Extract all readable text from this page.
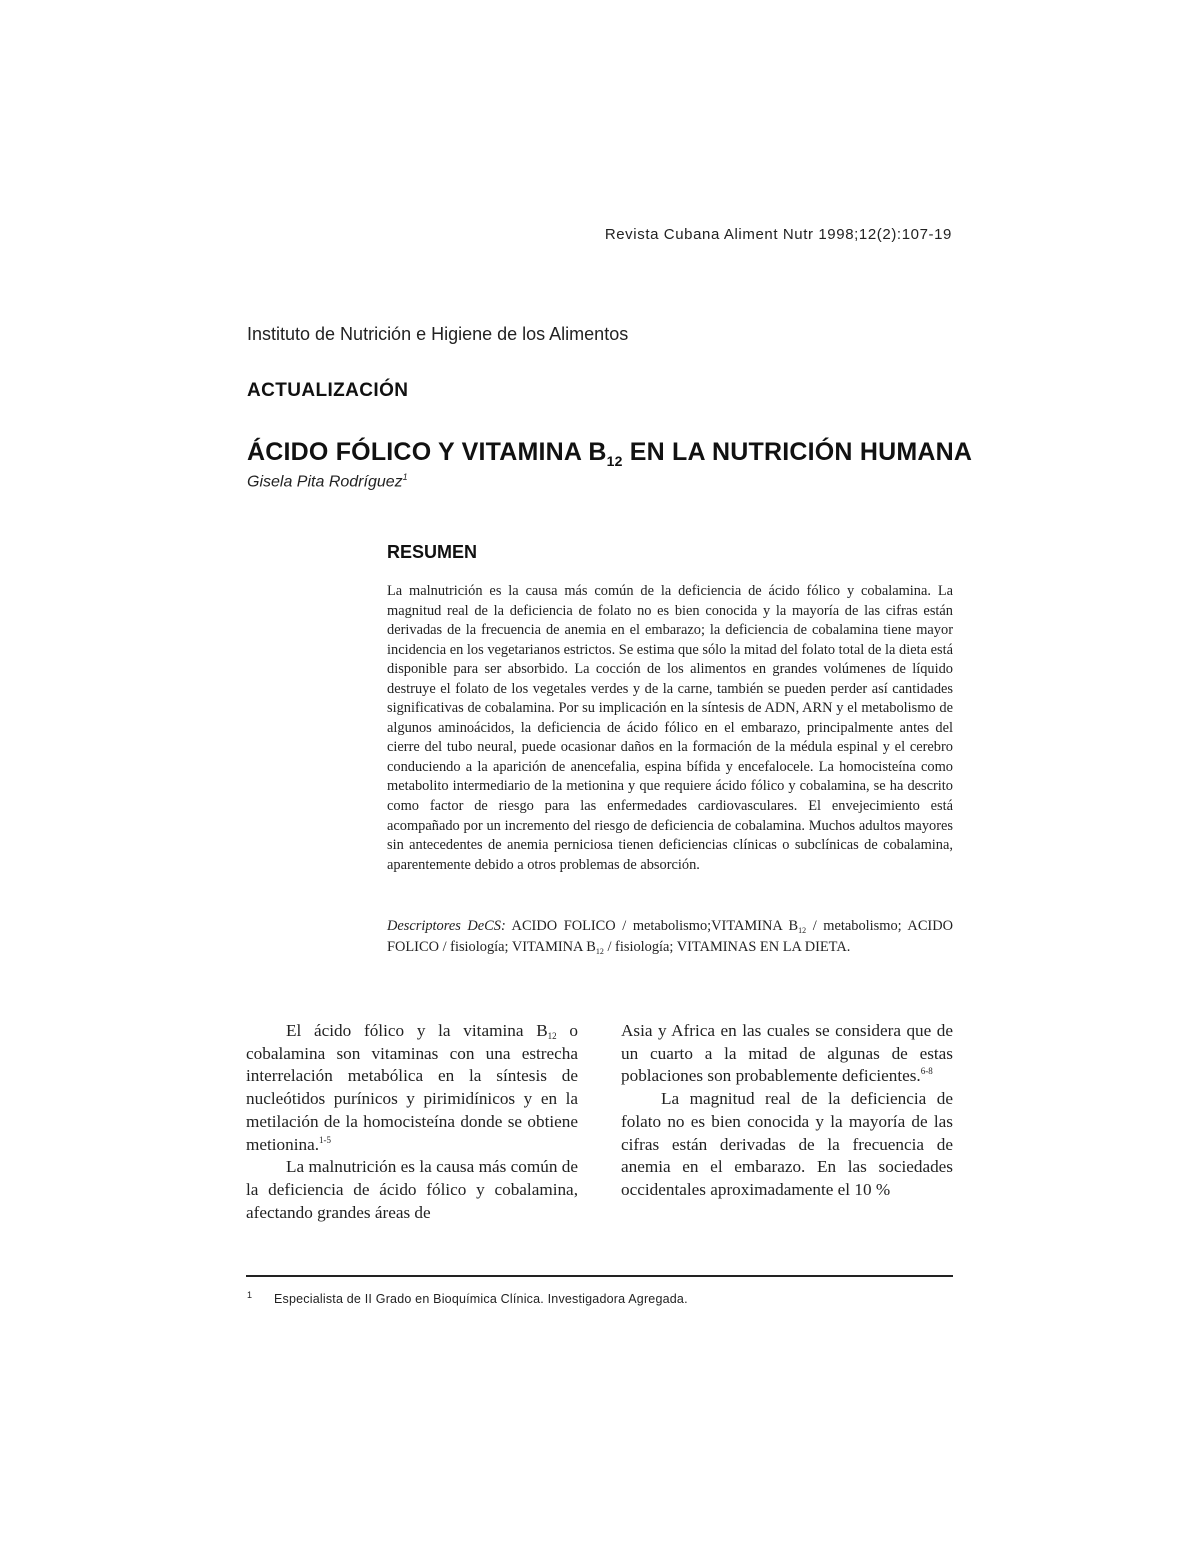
Revista Cubana Aliment Nutr 1998;12(2):107-19
Instituto de Nutrición e Higiene de los Alimentos
ACTUALIZACIÓN
ÁCIDO FÓLICO Y VITAMINA $B_{12}$ EN LA NUTRICIÓN HUMANA
Gisela Pita Rodríguez$^1$
RESUMEN

La malnutrición es la causa más común de la deficiencia de ácido fólico y cobalamina. La magnitud real de la deficiencia de folato no es bien conocida y la mayoría de las cifras están derivadas de la frecuencia de anemia en el embarazo; la deficiencia de cobalamina tiene mayor incidencia en los vegetarianos estrictos. Se estima que sólo la mitad del folato total de la dieta está disponible para ser absorbido. La cocción de los alimentos en grandes volúmenes de líquido destruye el folato de los vegetales verdes y de la carne, también se pueden perder así cantidades significativas de cobalamina. Por su implicación en la síntesis de ADN, ARN y el metabolismo de algunos aminoácidos, la deficiencia de ácido fólico en el embarazo, principalmente antes del cierre del tubo neural, puede ocasionar daños en la formación de la médula espinal y el cerebro conduciendo a la aparición de anencefalia, espina bífida y encefalocele. La homocisteína como metabolito intermediario de la metionina y que requiere ácido fólico y cobalamina, se ha descrito como factor de riesgo para las enfermedades cardiovasculares. El envejecimiento está acompañado por un incremento del riesgo de deficiencia de cobalamina. Muchos adultos mayores sin antecedentes de anemia perniciosa tienen deficiencias clínicas o subclínicas de cobalamina, aparentemente debido a otros problemas de absorción.

Descriptores DeCS: ACIDO FOLICO / metabolismo;VITAMINA $B_{12}$ / metabolismo; ACIDO FOLICO / fisiología; VITAMINA $B_{12}$ / fisiología; VITAMINAS EN LA DIETA.

El ácido fólico y la vitamina $B_{12}$ o cobalamina son vitaminas con una estrecha interrelación metabólica en la síntesis de nucleótidos purínicos y pirimidínicos y en la metilación de la homocisteína donde se obtiene metionina.$^{1-5}$

La malnutrición es la causa más común de la deficiencia de ácido fólico y cobalamina, afectando grandes áreas de

Asia y Africa en las cuales se considera que de un cuarto a la mitad de algunas de estas poblaciones son probablemente deficientes.$^{6-8}$

La magnitud real de la deficiencia de folato no es bien conocida y la mayoría de las cifras están derivadas de la frecuencia de anemia en el embarazo. En las sociedades occidentales aproximadamente el 10 %

1 Especialista de II Grado en Bioquímica Clínica. Investigadora Agregada.
